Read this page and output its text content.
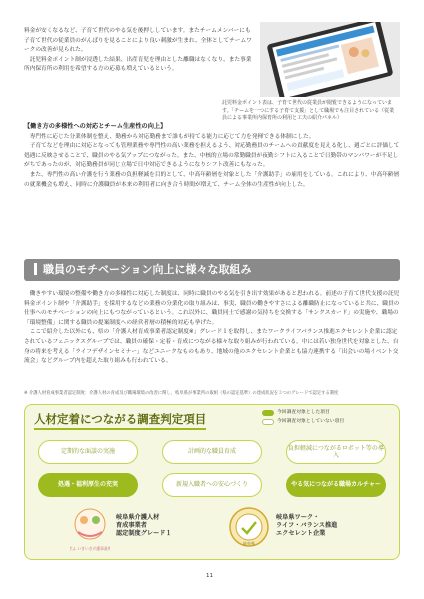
料金が安くなるなど、子育て世代のやる気を後押ししています。またチームメンバーにも子育て世代の従業員のがんばりを見ることにより良い刺激が生まれ、全体としてチームワークの改善が見られた。

託児料金ポイント制が浸透した結果、出産育児を理由とした離職はなくなり、また事業所内保育所の利用を希望する方の応募も増えているという。

託児料金ポイント表は、子育て世代の従業員が閲覧できるようになっています。「チームを一つにする子育て支援」として職場でも注目されている（従業員による事業所内保育所の利用と工夫の紹介パネル）

【働き方の多様性への対応とチーム生産性の向上】

専門性に応じた分業体制を整え、勤務から対応勤務まで誰もが持てる能力に応じて力を発揮できる体制にした。

子育てなどを理由に対応となっても管理業務や専門性の高い業務を担えるよう、対応勤務員のチームへの貢献度を見える化し、週ごとに評価して処遇に反映させることで、職員のやる気アップにつながった。また、中核的立場の常勤職員が夜勤シフトに入ることで日勤帯のマンパワーが不足しがちであったのが、対応勤務員が同じ立場で日中対応できるようになりシフト改善にもなった。

また、専門性の高い介護を行う業務の負担軽減を目的として、中高年齢層を対象とした「介護助手」の雇用をしている。これにより、中高年齢層の就業機会も増え、同時に介護職員が本来の利用者に向き合う時間が増えて、チーム全体の生産性が向上した。

職員のモチベーション向上に様々な取組み

働きやすい環境の整備や働き方の多様性に対応した制度は、同時に職員のやる気を引き出す効果があると思われる。前述の子育て世代支援の託児料金ポイント制や「介護助手」を採用するなどの業務の分業化の取り組みは、事実、職員の働きやすさによる離職防止になっていると共に、職員の仕事へのモチベーションの向上にもつながっているという。これ以外に、職員同士で感謝の気持ちを交換する「サンクスカード」の実施や、職場の「環境整備」に関する職員の提案制度への経営者層の積極的対応も挙げた。

ここで紹介した以外にも、県の「介護人材育成事業者認定制度※」グレード１を取得し、またワークライフバランス推進エクセレント企業に認定されているフェニックスグループでは、職員の確保・定着・育成につながる様々な取り組みが行われている。中には若い独身世代を対象とした、自身の将来を考える「ライフデザインセミナー」などユニークなものもあり、地域の他のエクセレント企業とも協力連携する「出会いの場イベント交流会」などグループ内を超えた取り組みも行われている。

※ 介護人材育成事業者認定制度：介護人材の育成及び職場環境の改善に関し、岐阜県が事業所の取組（県の認定基準）の達成状況を３つのグレードで認定する制度

人材定着につながる調査判定項目	今回調査対象とした項目
今回調査対象としていない項目
定期的な面談の実施	計画的な職員育成
負担軽減につながるロボット等の導入
処遇・福利厚生の充実	新規入職者への安心づくり	やる気につながる職場カルチャー
ぎふ いきいき介護事業所

岐阜県介護人材

育成事業者

認定制度グレード１

岐阜県

岐阜県ワーク・

ライフ・バランス推進

エクセレント企業

11
